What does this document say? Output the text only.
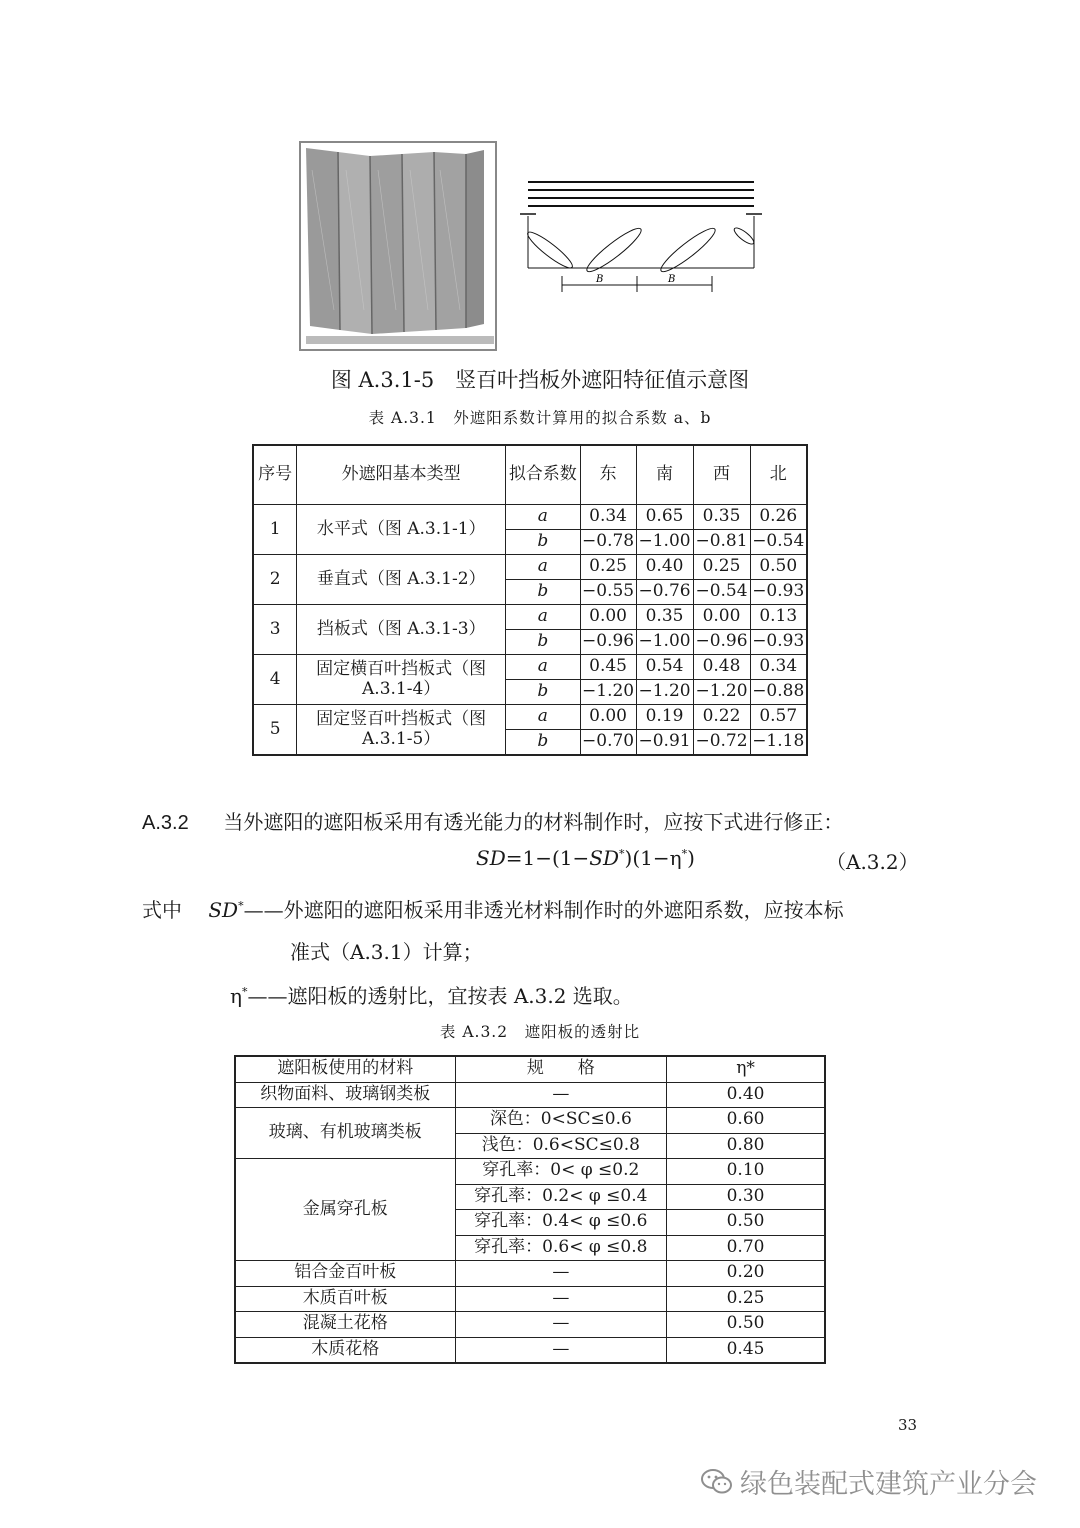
B	B
图 A.3.1-5　竖百叶挡板外遮阳特征值示意图
表 A.3.1　外遮阳系数计算用的拟合系数 a、b
序号	外遮阳基本类型	拟合系数	东	南	西	北
1	水平式（图 A.3.1-1）	a	0.34	0.65	0.35	0.26
		b	−0.78	−1.00	−0.81	−0.54
2	垂直式（图 A.3.1-2）	a	0.25	0.40	0.25	0.50
		b	−0.55	−0.76	−0.54	−0.93
3	挡板式（图 A.3.1-3）	a	0.00	0.35	0.00	0.13
		b	−0.96	−1.00	−0.96	−0.93
4	固定横百叶挡板式（图 A.3.1-4）	a	0.45	0.54	0.48	0.34
		b	−1.20	−1.20	−1.20	−0.88
5	固定竖百叶挡板式（图 A.3.1-5）	a	0.00	0.19	0.22	0.57
		b	−0.70	−0.91	−0.72	−1.18
A.3.2 当外遮阳的遮阳板采用有透光能力的材料制作时，应按下式进行修正：
SD=1−(1−SD*)(1−η*)	（A.3.2）
式中 SD*——外遮阳的遮阳板采用非透光材料制作时的外遮阳系数，应按本标
准式（A.3.1）计算；
η*——遮阳板的透射比，宜按表 A.3.2 选取。
表 A.3.2　遮阳板的透射比
遮阳板使用的材料	规　　格	η*
织物面料、玻璃钢类板	—	0.40
玻璃、有机玻璃类板	深色：0<SC≤0.6	0.60
	浅色：0.6<SC≤0.8	0.80
金属穿孔板	穿孔率：0< φ ≤0.2	0.10
	穿孔率：0.2< φ ≤0.4	0.30
	穿孔率：0.4< φ ≤0.6	0.50
	穿孔率：0.6< φ ≤0.8	0.70
铝合金百叶板	—	0.20
木质百叶板	—	0.25
混凝土花格	—	0.50
木质花格	—	0.45
33
绿色装配式建筑产业分会
